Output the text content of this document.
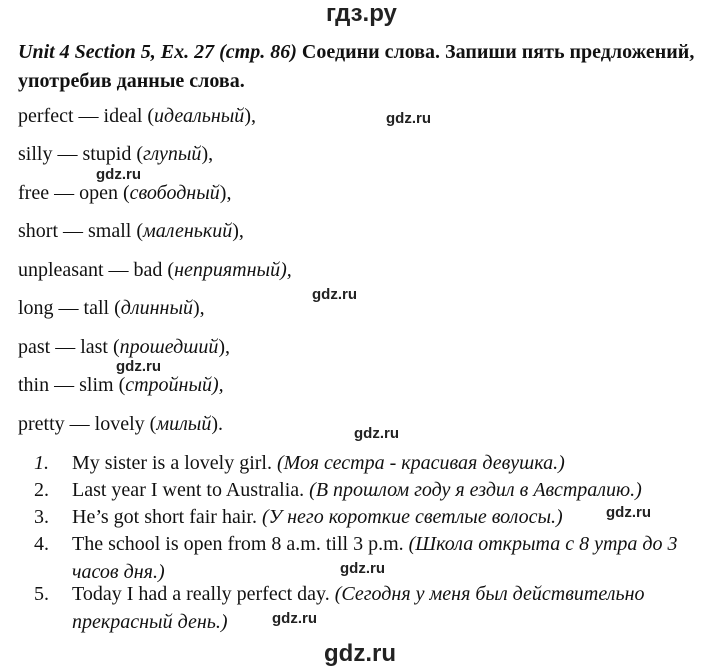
гдз.ру
Unit 4 Section 5, Ex. 27 (стр. 86) Соедини слова. Запиши пять предложений, употребив данные слова.
perfect — ideal (идеальный),
silly — stupid (глупый),
free — open (свободный),
short — small (маленький),
unpleasant — bad (неприятный),
long — tall (длинный),
past — last (прошедший),
thin — slim (стройный),
pretty — lovely (милый).
1.	My sister is a lovely girl. (Моя сестра - красивая девушка.)
2.	Last year I went to Australia. (В прошлом году я ездил в Австралию.)
3.	He’s got short fair hair. (У него короткие светлые волосы.)
4.	The school is open from 8 a.m. till 3 p.m. (Школа открыта с 8 утра до 3 часов дня.)
5.	Today I had a really perfect day. (Сегодня у меня был действительно прекрасный день.)
gdz.ru
gdz.ru
gdz.ru
gdz.ru
gdz.ru
gdz.ru
gdz.ru
gdz.ru
gdz.ru
